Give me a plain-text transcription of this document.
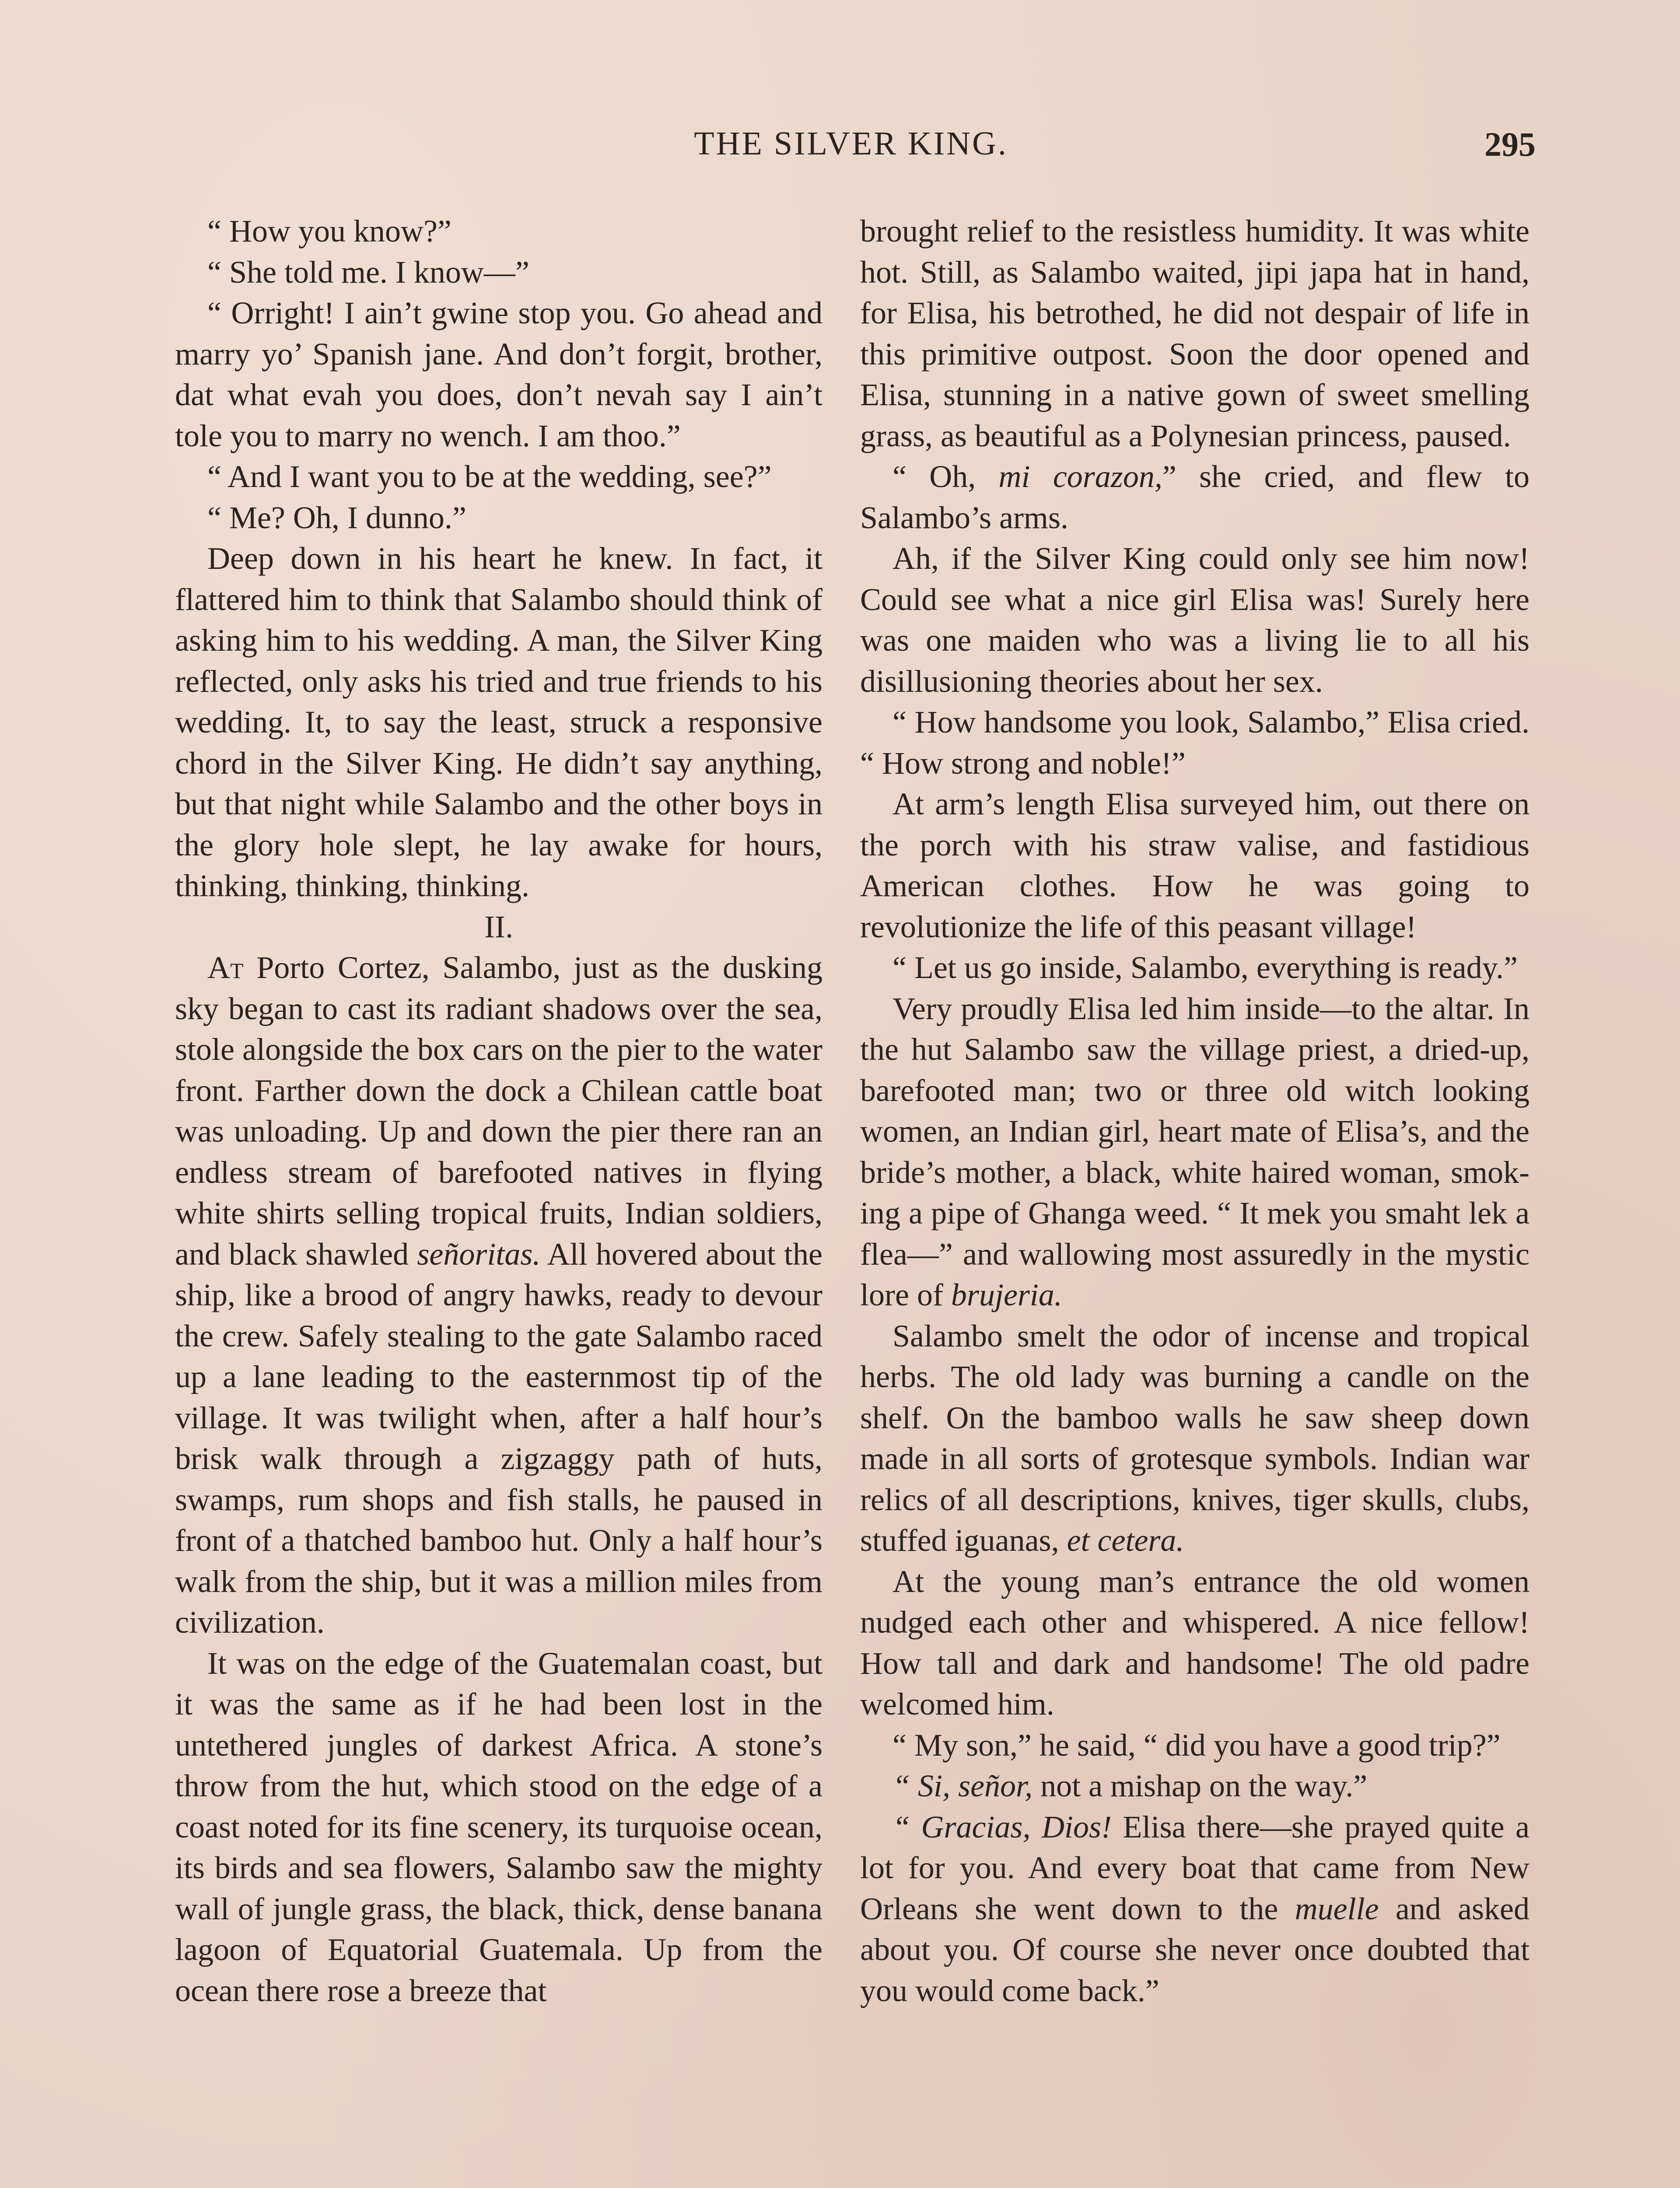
THE SILVER KING.	295

“ How you know?”

“ She told me. I know—”

“ Orright! I ain’t gwine stop you. Go ahead and marry yo’ Spanish jane. And don’t forgit, brother, dat what evah you does, don’t nevah say I ain’t tole you to marry no wench. I am thoo.”

“ And I want you to be at the wedding, see?”

“ Me? Oh, I dunno.”

Deep down in his heart he knew. In fact, it flattered him to think that Salambo should think of asking him to his wedding. A man, the Silver King reflected, only asks his tried and true friends to his wedding. It, to say the least, struck a responsive chord in the Silver King. He didn’t say anything, but that night while Salambo and the other boys in the glory hole slept, he lay awake for hours, thinking, thinking, thinking.

II.

At Porto Cortez, Salambo, just as the dusking sky began to cast its radiant shadows over the sea, stole alongside the box cars on the pier to the water front. Farther down the dock a Chilean cattle boat was unloading. Up and down the pier there ran an endless stream of barefooted natives in flying white shirts selling tropical fruits, Indian soldiers, and black shawled señoritas. All hovered about the ship, like a brood of angry hawks, ready to devour the crew. Safely stealing to the gate Salambo raced up a lane leading to the easternmost tip of the village. It was twilight when, after a half hour’s brisk walk through a zigzaggy path of huts, swamps, rum shops and fish stalls, he paused in front of a thatched bamboo hut. Only a half hour’s walk from the ship, but it was a million miles from civilization.

It was on the edge of the Guatemalan coast, but it was the same as if he had been lost in the untethered jungles of darkest Africa. A stone’s throw from the hut, which stood on the edge of a coast noted for its fine scenery, its turquoise ocean, its birds and sea flowers, Salambo saw the mighty wall of jungle grass, the black, thick, dense banana lagoon of Equatorial Guatemala. Up from the ocean there rose a breeze that

brought relief to the resistless humidity. It was white hot. Still, as Salambo waited, jipi japa hat in hand, for Elisa, his betrothed, he did not despair of life in this primitive outpost. Soon the door opened and Elisa, stunning in a native gown of sweet smelling grass, as beautiful as a Polynesian princess, paused.

“ Oh, mi corazon,” she cried, and flew to Salambo’s arms.

Ah, if the Silver King could only see him now! Could see what a nice girl Elisa was! Surely here was one maiden who was a living lie to all his disillusioning theories about her sex.

“ How handsome you look, Salambo,” Elisa cried. “ How strong and noble!”

At arm’s length Elisa surveyed him, out there on the porch with his straw valise, and fastidious American clothes. How he was going to revolutionize the life of this peasant village!

“ Let us go inside, Salambo, everything is ready.”

Very proudly Elisa led him inside—to the altar. In the hut Salambo saw the village priest, a dried-up, barefooted man; two or three old witch looking women, an Indian girl, heart mate of Elisa’s, and the bride’s mother, a black, white haired woman, smoking a pipe of Ghanga weed. “ It mek you smaht lek a flea—” and wallowing most assuredly in the mystic lore of brujeria.

Salambo smelt the odor of incense and tropical herbs. The old lady was burning a candle on the shelf. On the bamboo walls he saw sheep down made in all sorts of grotesque symbols. Indian war relics of all descriptions, knives, tiger skulls, clubs, stuffed iguanas, et cetera.

At the young man’s entrance the old women nudged each other and whispered. A nice fellow! How tall and dark and handsome! The old padre welcomed him.

“ My son,” he said, “ did you have a good trip?”

“ Si, señor, not a mishap on the way.”

“ Gracias, Dios! Elisa there—she prayed quite a lot for you. And every boat that came from New Orleans she went down to the muelle and asked about you. Of course she never once doubted that you would come back.”
